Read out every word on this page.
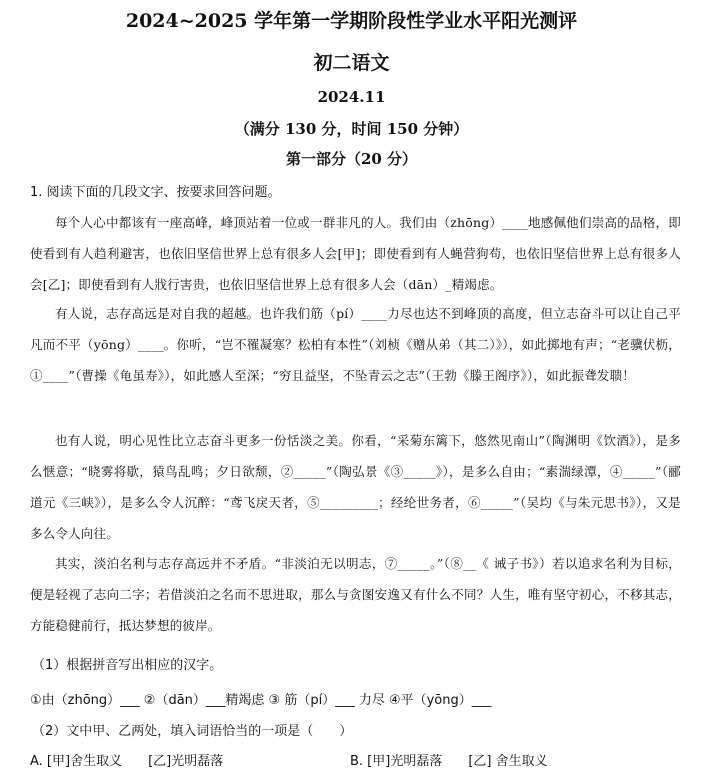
2024~2025 学年第一学期阶段性学业水平阳光测评
初二语文
2024.11
（满分 130 分，时间 150 分钟）
第一部分（20 分）
1. 阅读下面的几段文字、按要求回答问题。
每个人心中都该有一座高峰，峰顶站着一位或一群非凡的人。我们由（zhōng）____地感佩他们崇高的品格，即使看到有人趋利避害，也依旧坚信世界上总有很多人会[甲]；即使看到有人蝇营狗苟，也依旧坚信世界上总有很多人会[乙]；即使看到有人戕行害贵，也依旧坚信世界上总有很多人会（dān）_精竭虑。
有人说，志存高远是对自我的超越。也许我们筋（pí）____力尽也达不到峰顶的高度，但立志奋斗可以让自己平凡而不平（yōng）____。你听，“岂不罹凝寒？松柏有本性”（刘桢《赠从弟（其二）》），如此掷地有声；“老骥伏枥，①____”（曹操《龟虽寿》），如此感人至深；“穷且益坚，不坠青云之志”（王勃《滕王阁序》），如此振聋发聩！
也有人说，明心见性比立志奋斗更多一份恬淡之美。你看，“采菊东篱下，悠然见南山”（陶渊明《饮酒》），是多么惬意；“晓雾将歇，猿鸟乱鸣；夕日欲颓，②_____”（陶弘景《③_____》），是多么自由；“素湍绿潭，④_____”（郦道元《三峡》），是多么令人沉醉：“鸢飞戾天者，⑤_________；经纶世务者，⑥_____”（吴均《与朱元思书》），又是多么令人向往。
其实，淡泊名利与志存高远并不矛盾。“非淡泊无以明志，⑦_____。”（⑧__《 诫子书》）若以追求名利为目标，便是轻视了志向二字；若借淡泊之名而不思进取，那么与贪图安逸又有什么不同？人生，唯有坚守初心，不移其志，方能稳健前行，抵达梦想的彼岸。
（1）根据拼音写出相应的汉字。
①由（zhōng）___ ②（dān）___精竭虑 ③ 筋（pí）___ 力尽 ④平（yōng）___
（2）文中甲、乙两处，填入词语恰当的一项是（　　）
A. [甲]舍生取义　　[乙]光明磊落	B. [甲]光明磊落　　[乙] 舍生取义
